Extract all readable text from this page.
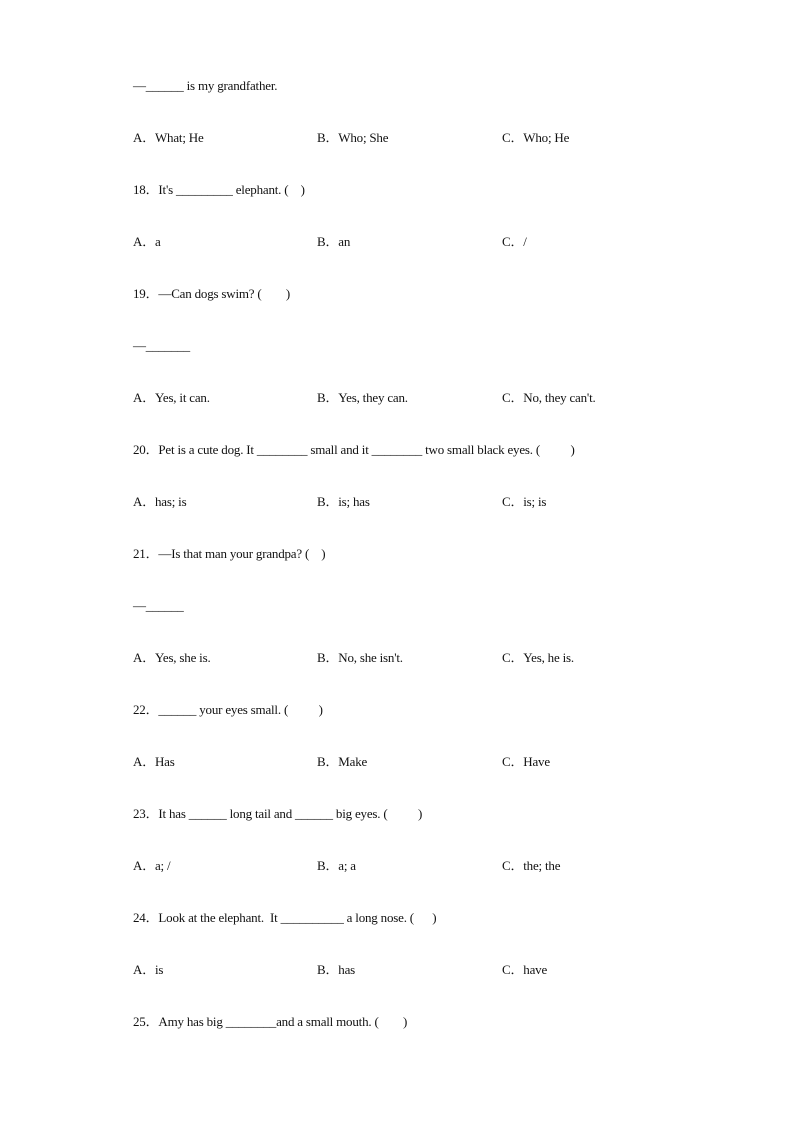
—______ is my grandfather.
A．What; He	B．Who; She	C．Who; He
18．It's _________ elephant. (    )
A．a	B．an	C．/
19．—Can dogs swim? (        )
—_______
A．Yes, it can.	B．Yes, they can.	C．No, they can't.
20．Pet is a cute dog. It ________ small and it ________ two small black eyes. (          )
A．has; is	B．is; has	C．is; is
21．—Is that man your grandpa? (    )
—______
A．Yes, she is.	B．No, she isn't.	C．Yes, he is.
22．______ your eyes small. (          )
A．Has	B．Make	C．Have
23．It has ______ long tail and ______ big eyes. (          )
A．a; /	B．a; a	C．the; the
24．Look at the elephant.  It __________ a long nose. (      )
A．is	B．has	C．have
25．Amy has big ________and a small mouth. (        )
